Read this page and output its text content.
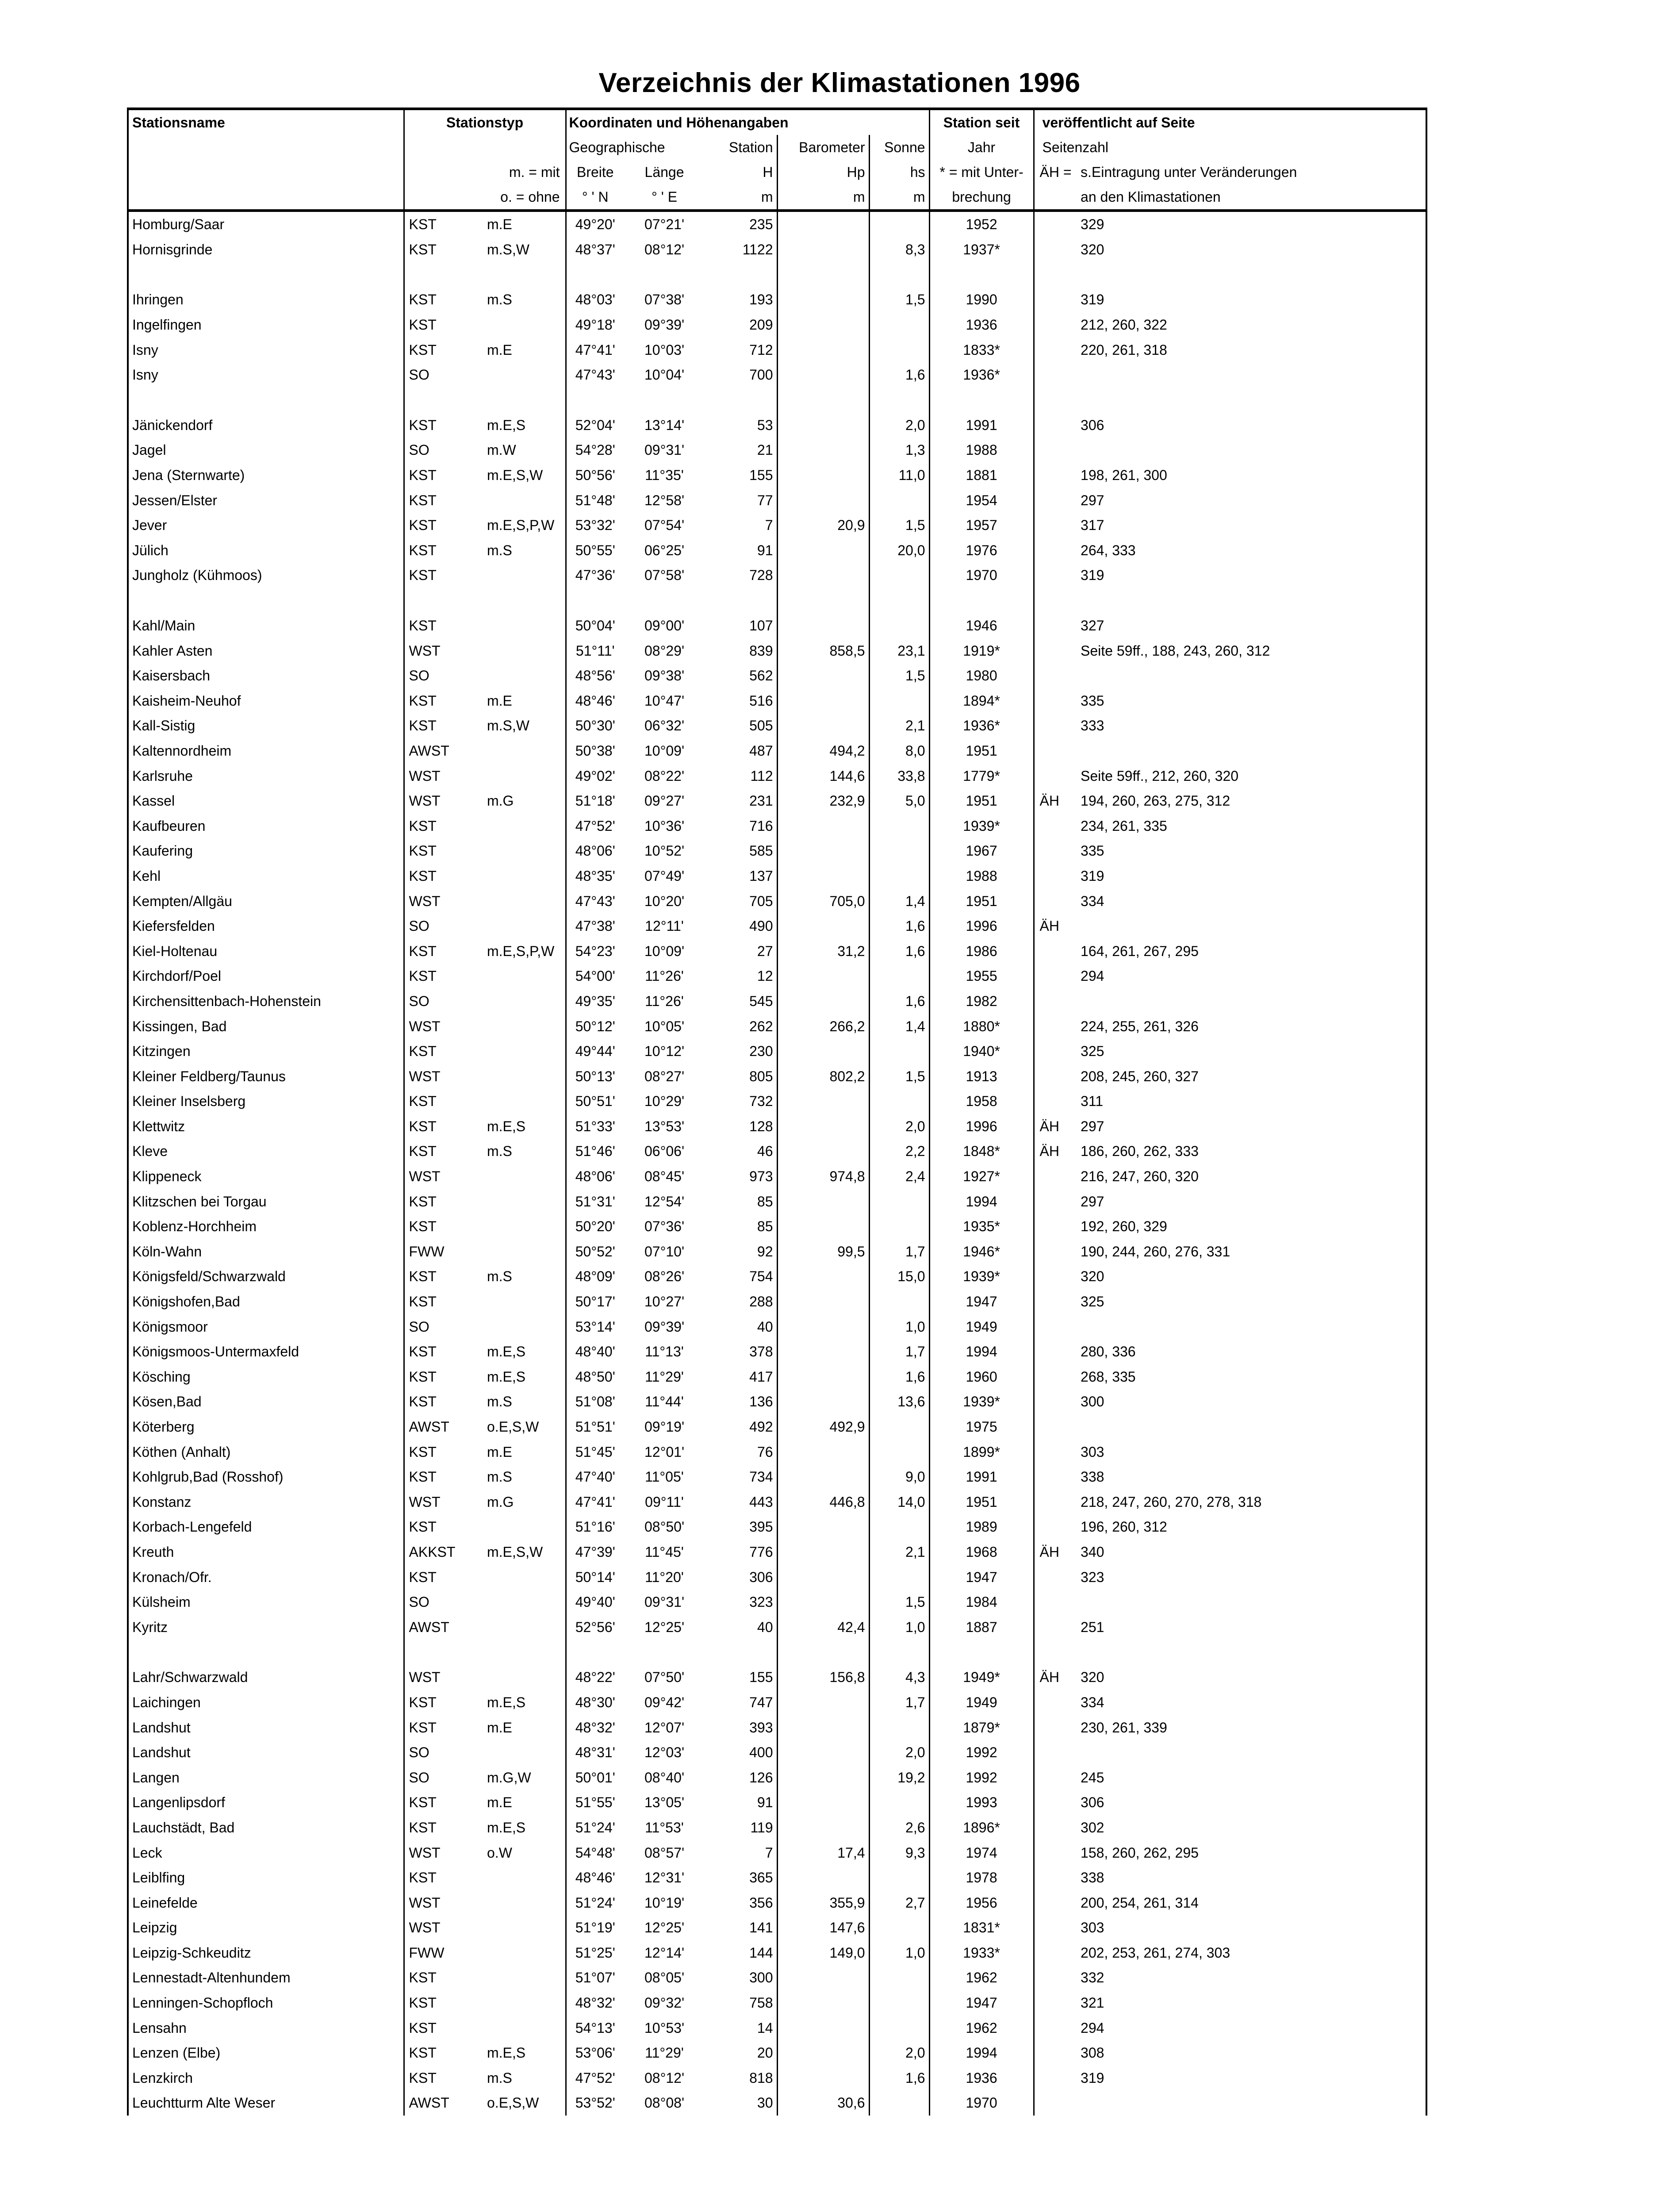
Verzeichnis der Klimastationen 1996
Stationsname	Stationstyp		Koordinaten und Höhenangaben					Station seit	veröffentlicht auf Seite	
			Geographische		Station	Barometer	Sonne	Jahr	Seitenzahl	
		m. = mit	Breite	Länge	H	Hp	hs	* = mit Unter-	ÄH =	s.Eintragung unter Veränderungen
		o. = ohne	° ' N	° ' E	m	m	m	brechung		an den Klimastationen
Homburg/Saar	KST	m.E	49°20'	07°21'	235			1952		329
Hornisgrinde	KST	m.S,W	48°37'	08°12'	1122		8,3	1937*		320

Ihringen	KST	m.S	48°03'	07°38'	193		1,5	1990		319
Ingelfingen	KST		49°18'	09°39'	209			1936		212, 260, 322
Isny	KST	m.E	47°41'	10°03'	712			1833*		220, 261, 318
Isny	SO		47°43'	10°04'	700		1,6	1936*		

Jänickendorf	KST	m.E,S	52°04'	13°14'	53		2,0	1991		306
Jagel	SO	m.W	54°28'	09°31'	21		1,3	1988		
Jena (Sternwarte)	KST	m.E,S,W	50°56'	11°35'	155		11,0	1881		198, 261, 300
Jessen/Elster	KST		51°48'	12°58'	77			1954		297
Jever	KST	m.E,S,P,W	53°32'	07°54'	7	20,9	1,5	1957		317
Jülich	KST	m.S	50°55'	06°25'	91		20,0	1976		264, 333
Jungholz (Kühmoos)	KST		47°36'	07°58'	728			1970		319

Kahl/Main	KST		50°04'	09°00'	107			1946		327
Kahler Asten	WST		51°11'	08°29'	839	858,5	23,1	1919*		Seite 59ff., 188, 243, 260, 312
Kaisersbach	SO		48°56'	09°38'	562		1,5	1980		
Kaisheim-Neuhof	KST	m.E	48°46'	10°47'	516			1894*		335
Kall-Sistig	KST	m.S,W	50°30'	06°32'	505		2,1	1936*		333
Kaltennordheim	AWST		50°38'	10°09'	487	494,2	8,0	1951		
Karlsruhe	WST		49°02'	08°22'	112	144,6	33,8	1779*		Seite 59ff., 212, 260, 320
Kassel	WST	m.G	51°18'	09°27'	231	232,9	5,0	1951	ÄH	194, 260, 263, 275, 312
Kaufbeuren	KST		47°52'	10°36'	716			1939*		234, 261, 335
Kaufering	KST		48°06'	10°52'	585			1967		335
Kehl	KST		48°35'	07°49'	137			1988		319
Kempten/Allgäu	WST		47°43'	10°20'	705	705,0	1,4	1951		334
Kiefersfelden	SO		47°38'	12°11'	490		1,6	1996	ÄH	
Kiel-Holtenau	KST	m.E,S,P,W	54°23'	10°09'	27	31,2	1,6	1986		164, 261, 267, 295
Kirchdorf/Poel	KST		54°00'	11°26'	12			1955		294
Kirchensittenbach-Hohenstein	SO		49°35'	11°26'	545		1,6	1982		
Kissingen, Bad	WST		50°12'	10°05'	262	266,2	1,4	1880*		224, 255, 261, 326
Kitzingen	KST		49°44'	10°12'	230			1940*		325
Kleiner Feldberg/Taunus	WST		50°13'	08°27'	805	802,2	1,5	1913		208, 245, 260, 327
Kleiner Inselsberg	KST		50°51'	10°29'	732			1958		311
Klettwitz	KST	m.E,S	51°33'	13°53'	128		2,0	1996	ÄH	297
Kleve	KST	m.S	51°46'	06°06'	46		2,2	1848*	ÄH	186, 260, 262, 333
Klippeneck	WST		48°06'	08°45'	973	974,8	2,4	1927*		216, 247, 260, 320
Klitzschen bei Torgau	KST		51°31'	12°54'	85			1994		297
Koblenz-Horchheim	KST		50°20'	07°36'	85			1935*		192, 260, 329
Köln-Wahn	FWW		50°52'	07°10'	92	99,5	1,7	1946*		190, 244, 260, 276, 331
Königsfeld/Schwarzwald	KST	m.S	48°09'	08°26'	754		15,0	1939*		320
Königshofen,Bad	KST		50°17'	10°27'	288			1947		325
Königsmoor	SO		53°14'	09°39'	40		1,0	1949		
Königsmoos-Untermaxfeld	KST	m.E,S	48°40'	11°13'	378		1,7	1994		280, 336
Kösching	KST	m.E,S	48°50'	11°29'	417		1,6	1960		268, 335
Kösen,Bad	KST	m.S	51°08'	11°44'	136		13,6	1939*		300
Köterberg	AWST	o.E,S,W	51°51'	09°19'	492	492,9		1975		
Köthen (Anhalt)	KST	m.E	51°45'	12°01'	76			1899*		303
Kohlgrub,Bad (Rosshof)	KST	m.S	47°40'	11°05'	734		9,0	1991		338
Konstanz	WST	m.G	47°41'	09°11'	443	446,8	14,0	1951		218, 247, 260, 270, 278, 318
Korbach-Lengefeld	KST		51°16'	08°50'	395			1989		196, 260, 312
Kreuth	AKKST	m.E,S,W	47°39'	11°45'	776		2,1	1968	ÄH	340
Kronach/Ofr.	KST		50°14'	11°20'	306			1947		323
Külsheim	SO		49°40'	09°31'	323		1,5	1984		
Kyritz	AWST		52°56'	12°25'	40	42,4	1,0	1887		251

Lahr/Schwarzwald	WST		48°22'	07°50'	155	156,8	4,3	1949*	ÄH	320
Laichingen	KST	m.E,S	48°30'	09°42'	747		1,7	1949		334
Landshut	KST	m.E	48°32'	12°07'	393			1879*		230, 261, 339
Landshut	SO		48°31'	12°03'	400		2,0	1992		
Langen	SO	m.G,W	50°01'	08°40'	126		19,2	1992		245
Langenlipsdorf	KST	m.E	51°55'	13°05'	91			1993		306
Lauchstädt, Bad	KST	m.E,S	51°24'	11°53'	119		2,6	1896*		302
Leck	WST	o.W	54°48'	08°57'	7	17,4	9,3	1974		158, 260, 262, 295
Leiblfing	KST		48°46'	12°31'	365			1978		338
Leinefelde	WST		51°24'	10°19'	356	355,9	2,7	1956		200, 254, 261, 314
Leipzig	WST		51°19'	12°25'	141	147,6		1831*		303
Leipzig-Schkeuditz	FWW		51°25'	12°14'	144	149,0	1,0	1933*		202, 253, 261, 274, 303
Lennestadt-Altenhundem	KST		51°07'	08°05'	300			1962		332
Lenningen-Schopfloch	KST		48°32'	09°32'	758			1947		321
Lensahn	KST		54°13'	10°53'	14			1962		294
Lenzen (Elbe)	KST	m.E,S	53°06'	11°29'	20		2,0	1994		308
Lenzkirch	KST	m.S	47°52'	08°12'	818		1,6	1936		319
Leuchtturm Alte Weser	AWST	o.E,S,W	53°52'	08°08'	30	30,6		1970		
